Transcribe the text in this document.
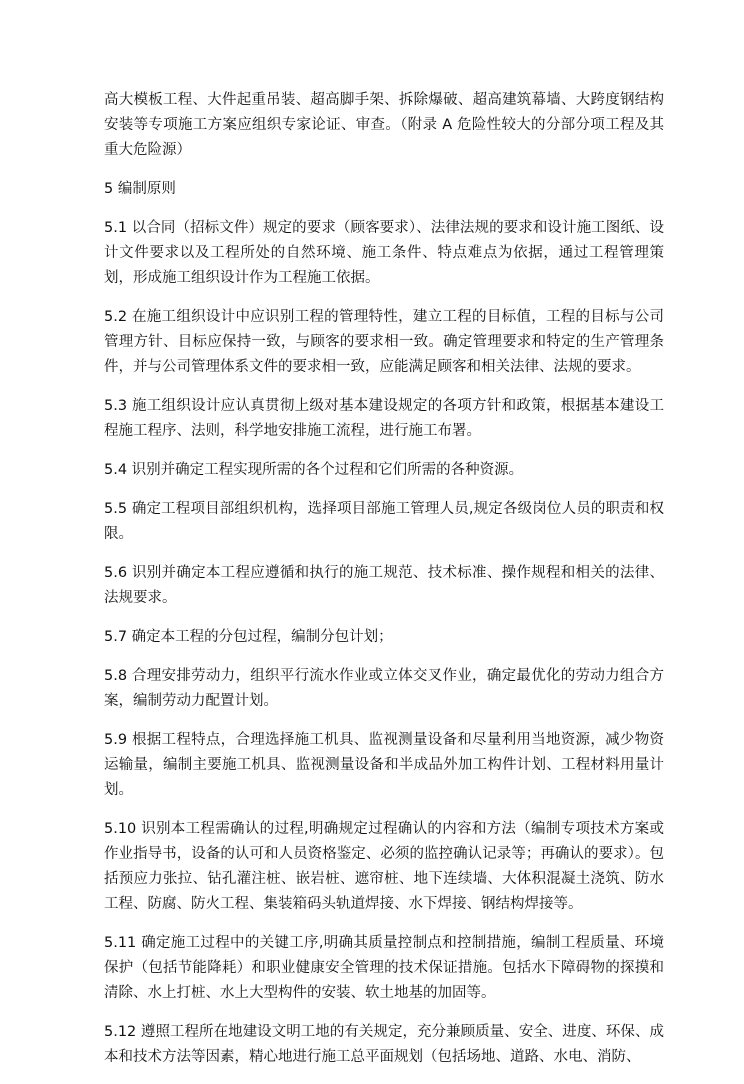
高大模板工程、大件起重吊装、超高脚手架、拆除爆破、超高建筑幕墙、大跨度钢结构安装等专项施工方案应组织专家论证、审查。（附录 A 危险性较大的分部分项工程及其重大危险源）

5 编制原则

5.1 以合同（招标文件）规定的要求（顾客要求）、法律法规的要求和设计施工图纸、设计文件要求以及工程所处的自然环境、施工条件、特点难点为依据，通过工程管理策划，形成施工组织设计作为工程施工依据。

5.2 在施工组织设计中应识别工程的管理特性，建立工程的目标值，工程的目标与公司管理方针、目标应保持一致，与顾客的要求相一致。确定管理要求和特定的生产管理条件，并与公司管理体系文件的要求相一致，应能满足顾客和相关法律、法规的要求。

5.3 施工组织设计应认真贯彻上级对基本建设规定的各项方针和政策，根据基本建设工程施工程序、法则，科学地安排施工流程，进行施工布署。

5.4 识别并确定工程实现所需的各个过程和它们所需的各种资源。

5.5 确定工程项目部组织机构，选择项目部施工管理人员,规定各级岗位人员的职责和权限。

5.6 识别并确定本工程应遵循和执行的施工规范、技术标准、操作规程和相关的法律、法规要求。

5.7 确定本工程的分包过程，编制分包计划；

5.8 合理安排劳动力，组织平行流水作业或立体交叉作业，确定最优化的劳动力组合方案，编制劳动力配置计划。

5.9 根据工程特点，合理选择施工机具、监视测量设备和尽量利用当地资源，减少物资运输量，编制主要施工机具、监视测量设备和半成品外加工构件计划、工程材料用量计划。

5.10 识别本工程需确认的过程,明确规定过程确认的内容和方法（编制专项技术方案或作业指导书，设备的认可和人员资格鉴定、必须的监控确认记录等；再确认的要求）。包括预应力张拉、钻孔灌注桩、嵌岩桩、遮帘桩、地下连续墙、大体积混凝土浇筑、防水工程、防腐、防火工程、集装箱码头轨道焊接、水下焊接、钢结构焊接等。

5.11 确定施工过程中的关键工序,明确其质量控制点和控制措施，编制工程质量、环境保护（包括节能降耗）和职业健康安全管理的技术保证措施。包括水下障碍物的探摸和清除、水上打桩、水上大型构件的安装、软土地基的加固等。

5.12 遵照工程所在地建设文明工地的有关规定，充分兼顾质量、安全、进度、环保、成本和技术方法等因素，精心地进行施工总平面规划（包括场地、道路、水电、消防、
